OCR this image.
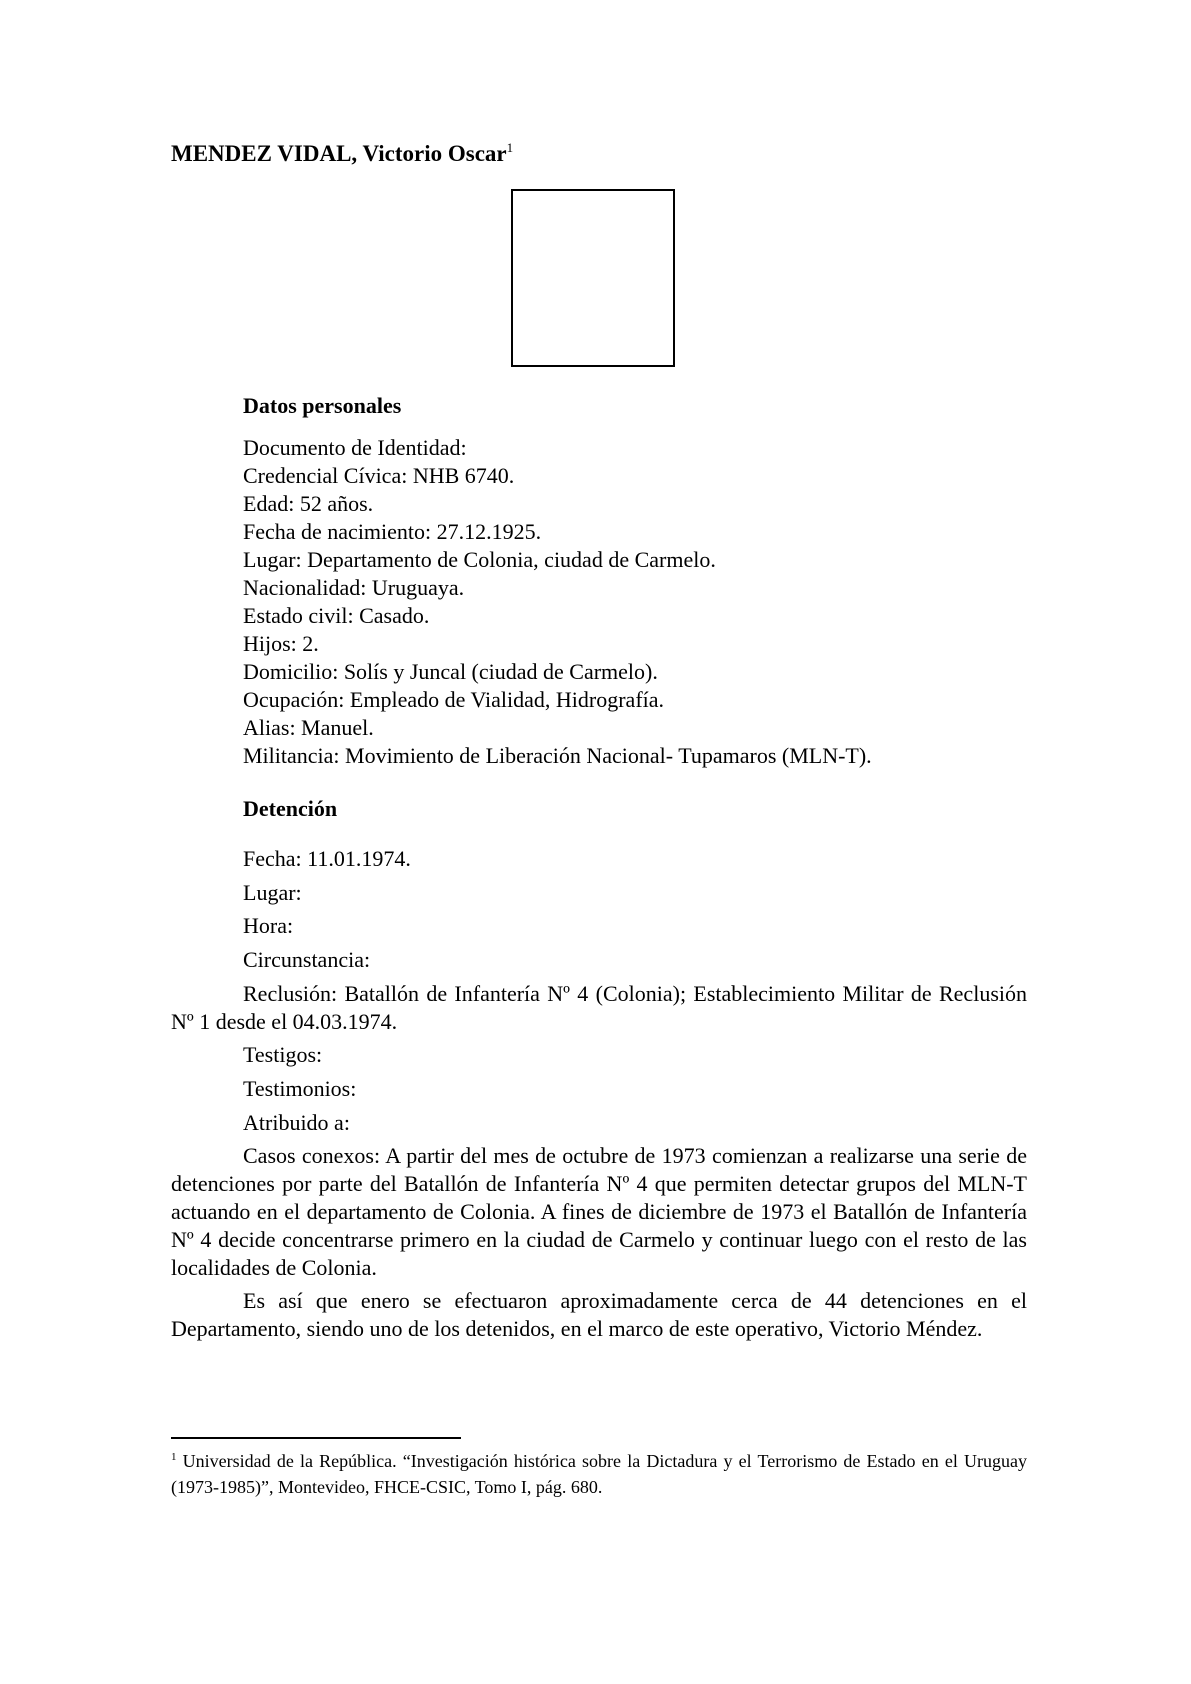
MENDEZ VIDAL, Victorio Oscar$^1$
Datos personales
Documento de Identidad:
Credencial Cívica: NHB 6740.
Edad: 52 años.
Fecha de nacimiento: 27.12.1925.
Lugar: Departamento de Colonia, ciudad de Carmelo.
Nacionalidad: Uruguaya.
Estado civil: Casado.
Hijos: 2.
Domicilio: Solís y Juncal (ciudad de Carmelo).
Ocupación: Empleado de Vialidad, Hidrografía.
Alias: Manuel.
Militancia: Movimiento de Liberación Nacional- Tupamaros (MLN-T).
Detención
Fecha: 11.01.1974.
Lugar:
Hora:
Circunstancia:

Reclusión: Batallón de Infantería Nº 4 (Colonia); Establecimiento Militar de Reclusión Nº 1 desde el 04.03.1974.

Testigos:
Testimonios:
Atribuido a:

Casos conexos: A partir del mes de octubre de 1973 comienzan a realizarse una serie de detenciones por parte del Batallón de Infantería Nº 4 que permiten detectar grupos del MLN-T actuando en el departamento de Colonia. A fines de diciembre de 1973 el Batallón de Infantería Nº 4 decide concentrarse primero en la ciudad de Carmelo y continuar luego con el resto de las localidades de Colonia.

Es así que enero se efectuaron aproximadamente cerca de 44 detenciones en el Departamento, siendo uno de los detenidos, en el marco de este operativo, Victorio Méndez.

$^1$ Universidad de la República. “Investigación histórica sobre la Dictadura y el Terrorismo de Estado en el Uruguay (1973-1985)”, Montevideo, FHCE-CSIC, Tomo I, pág. 680.
